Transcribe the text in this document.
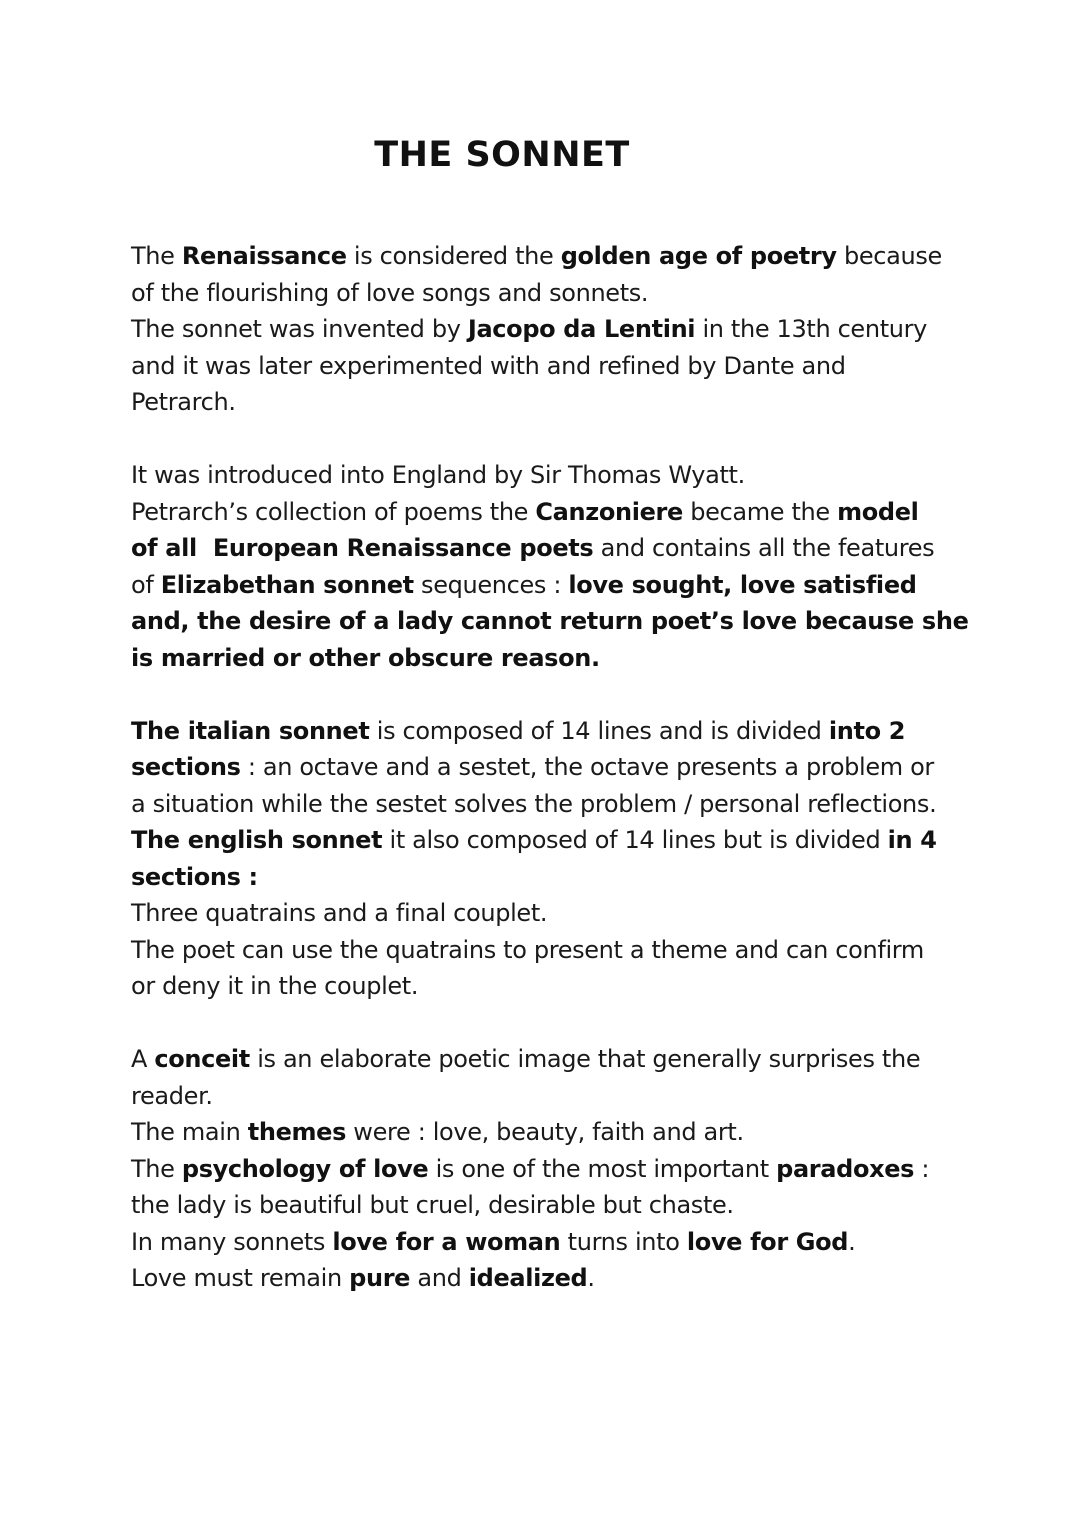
THE SONNET

The Renaissance is considered the golden age of poetry because

of the flourishing of love songs and sonnets.

The sonnet was invented by Jacopo da Lentini in the 13th century

and it was later experimented with and refined by Dante and

Petrarch.

It was introduced into England by Sir Thomas Wyatt.

Petrarch’s collection of poems the Canzoniere became the model

of all  European Renaissance poets and contains all the features

of Elizabethan sonnet sequences : love sought, love satisfied

and, the desire of a lady cannot return poet’s love because she

is married or other obscure reason.

The italian sonnet is composed of 14 lines and is divided into 2

sections : an octave and a sestet, the octave presents a problem or

a situation while the sestet solves the problem / personal reflections.

The english sonnet it also composed of 14 lines but is divided in 4

sections :

Three quatrains and a final couplet.

The poet can use the quatrains to present a theme and can confirm

or deny it in the couplet.

A conceit is an elaborate poetic image that generally surprises the

reader.

The main themes were : love, beauty, faith and art.

The psychology of love is one of the most important paradoxes :

the lady is beautiful but cruel, desirable but chaste.

In many sonnets love for a woman turns into love for God.

Love must remain pure and idealized.
